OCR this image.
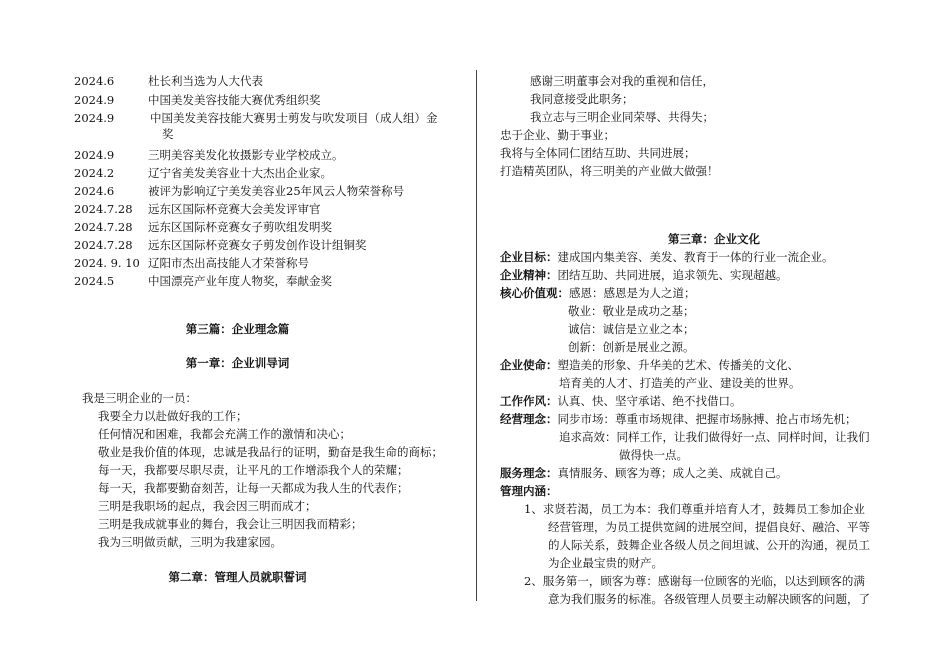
2024.6	杜长利当选为人大代表
2024.9	中国美发美容技能大赛优秀组织奖
2024.9	中国美发美容技能大赛男士剪发与吹发项目（成人组）金
奖
2024.9	三明美容美发化妆摄影专业学校成立。
2024.2	辽宁省美发美容业十大杰出企业家。
2024.6	被评为影响辽宁美发美容业25年风云人物荣誉称号
2024.7.28 远东区国际杯竞赛大会美发评审官
2024.7.28 远东区国际杯竞赛女子剪吹组发明奖
2024.7.28 远东区国际杯竞赛女子剪发创作设计组铜奖
2024. 9. 10 辽阳市杰出高技能人才荣誉称号
2024.5	中国漂亮产业年度人物奖，奉献金奖
第三篇：企业理念篇
第一章：企业训导词
我是三明企业的一员：
我要全力以赴做好我的工作；
任何情况和困难，我都会充满工作的激情和决心；
敬业是我价值的体现，忠诚是我品行的证明，勤奋是我生命的商标；
每一天，我都要尽职尽责，让平凡的工作增添我个人的荣耀；
每一天，我都要勤奋刻苦，让每一天都成为我人生的代表作；
三明是我职场的起点，我会因三明而成才；
三明是我成就事业的舞台，我会让三明因我而精彩；
我为三明做贡献，三明为我建家园。
第二章：管理人员就职誓词
感谢三明董事会对我的重视和信任，
我同意接受此职务；
我立志与三明企业同荣辱、共得失；
忠于企业、勤于事业；
我将与全体同仁团结互助、共同进展；
打造精英团队，将三明美的产业做大做强！
第三章：企业文化
企业目标：建成国内集美容、美发、教育于一体的行业一流企业。
企业精神：团结互助、共同进展，追求领先、实现超越。
核心价值观：感恩：感恩是为人之道；
敬业：敬业是成功之基；
诚信：诚信是立业之本；
创新：创新是展业之源。
企业使命：塑造美的形象、升华美的艺术、传播美的文化、
培育美的人才、打造美的产业、建设美的世界。
工作作风：认真、快、坚守承诺、绝不找借口。
经营理念：同步市场：尊重市场规律、把握市场脉搏、抢占市场先机；
追求高效：同样工作，让我们做得好一点、同样时间，让我们
做得快一点。
服务理念：真情服务、顾客为尊；成人之美、成就自己。
管理内涵：
1、求贤若渴，员工为本：我们尊重并培育人才，鼓舞员工参加企业
经营管理，为员工提供宽阔的进展空间，提倡良好、融洽、平等
的人际关系，鼓舞企业各级人员之间坦诚、公开的沟通，视员工
为企业最宝贵的财产。
2、服务第一，顾客为尊：感谢每一位顾客的光临，以达到顾客的满
意为我们服务的标准。各级管理人员要主动解决顾客的问题，了
